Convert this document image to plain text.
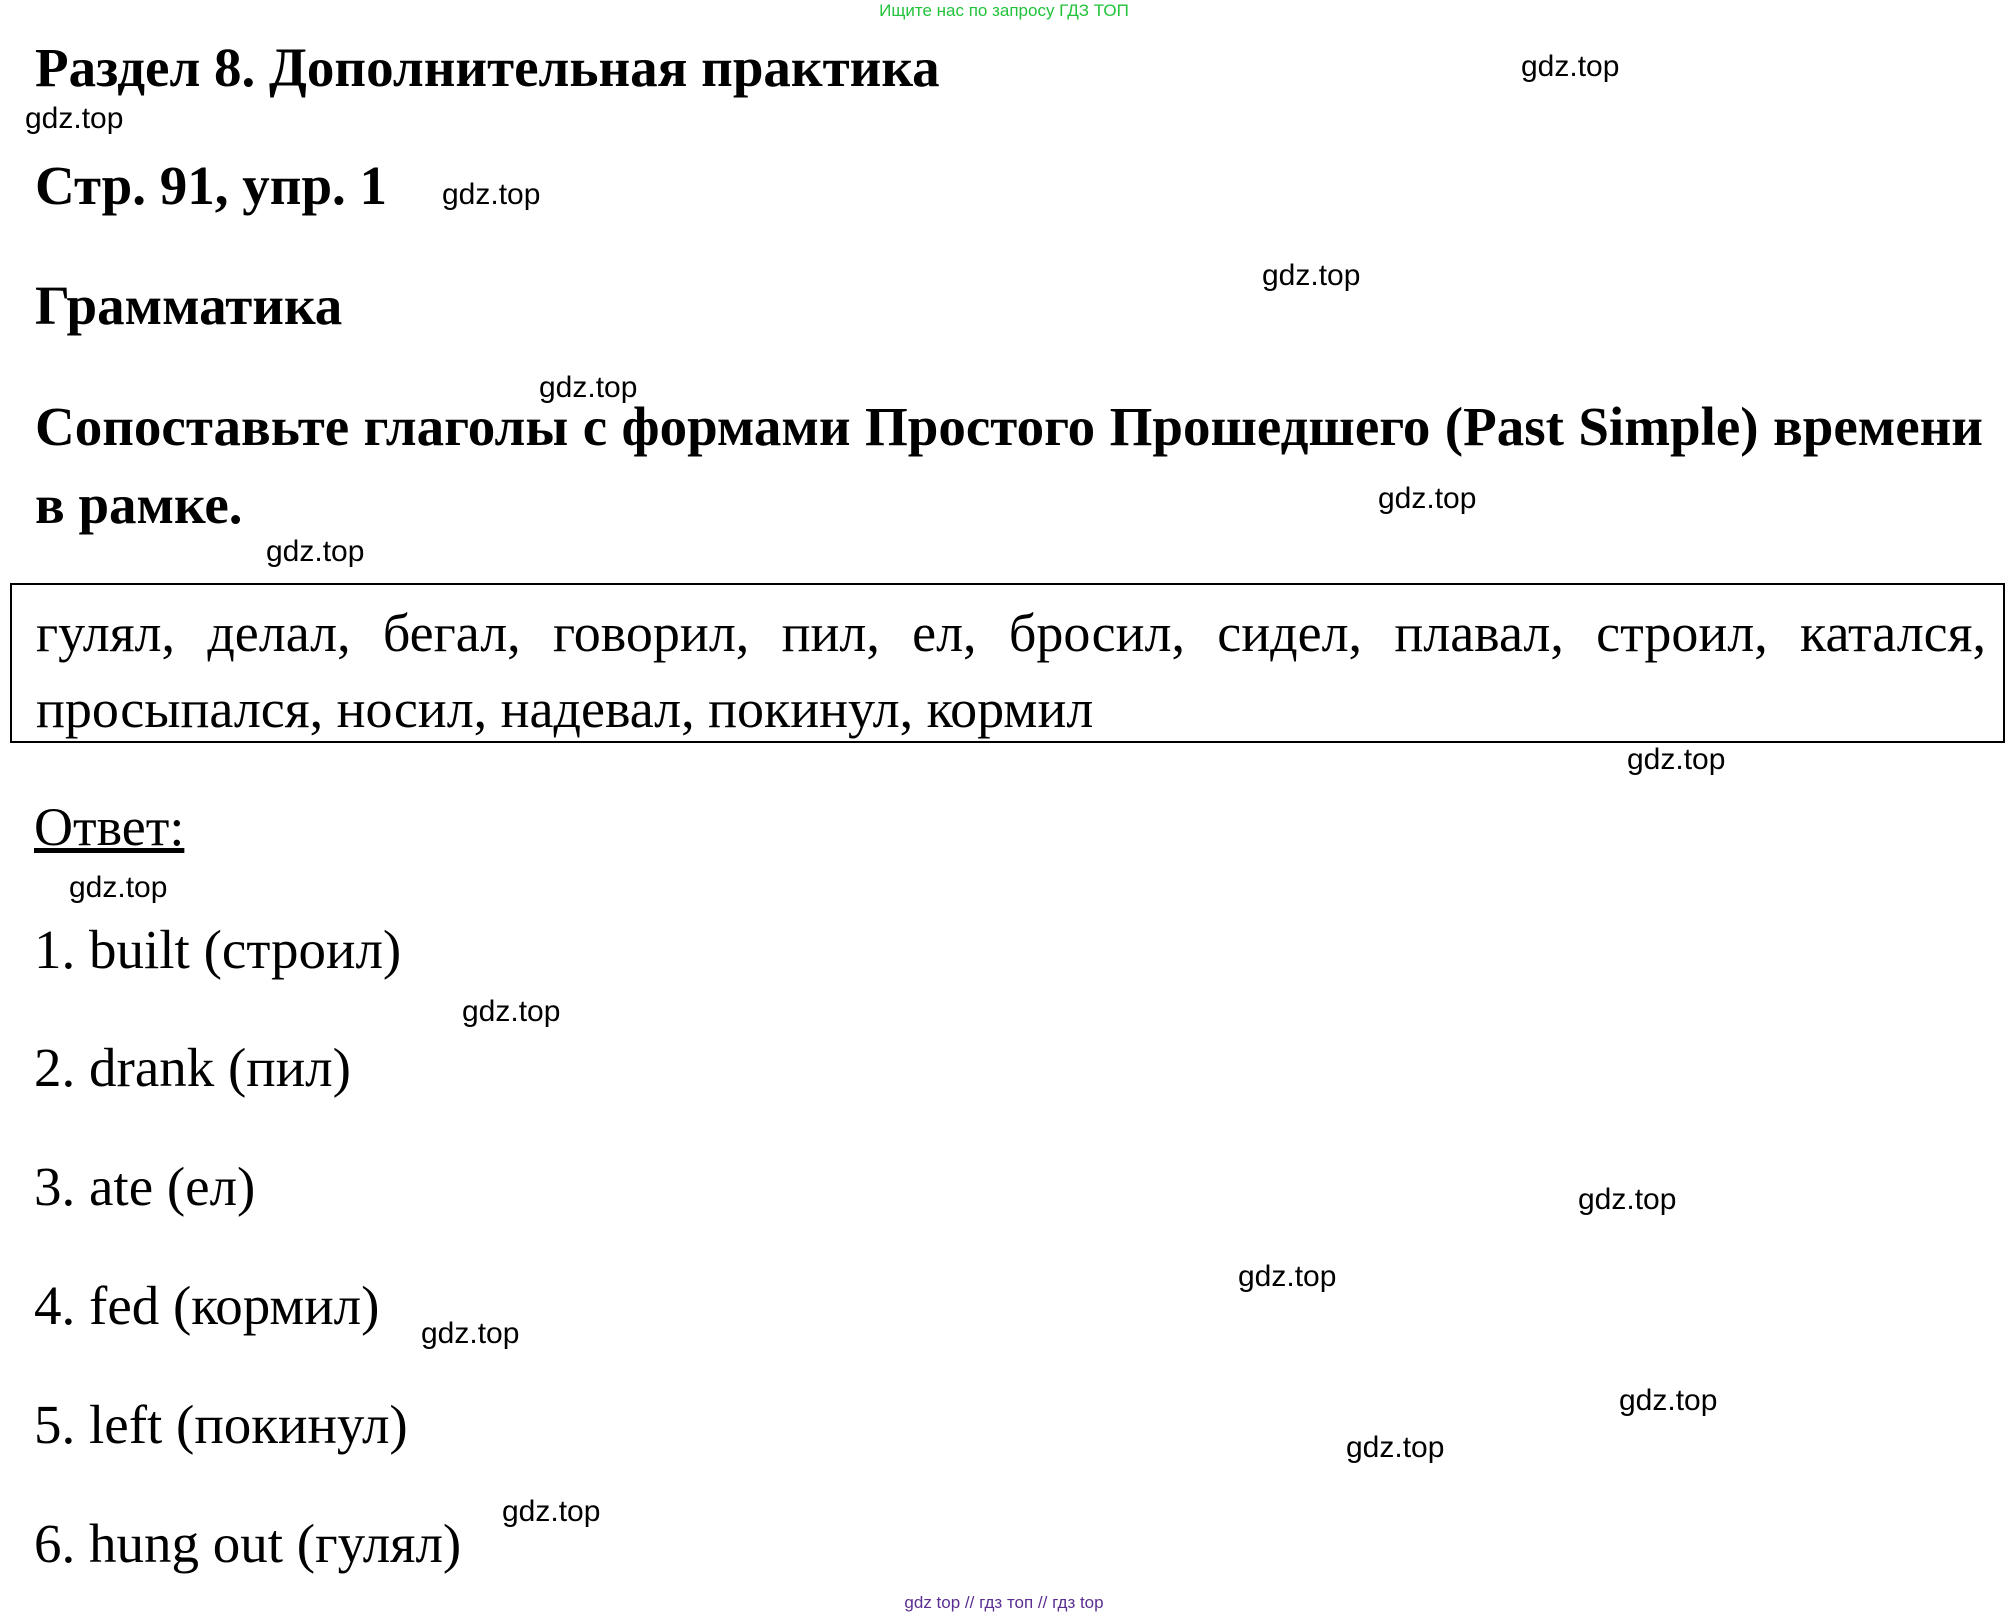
Ищите нас по запросу ГДЗ ТОП
Раздел 8. Дополнительная практика
Стр. 91, упр. 1
Грамматика
Сопоставьте глаголы с формами Простого Прошедшего (Past Simple) времени в рамке.
гулял, делал, бегал, говорил, пил, ел, бросил, сидел, плавал, строил, катался, просыпался, носил, надевал, покинул, кормил
Ответ:
1. built (строил)
2. drank (пил)
3. ate (ел)
4. fed (кормил)
5. left (покинул)
6. hung out (гулял)
gdz.top
gdz.top
gdz.top
gdz.top
gdz.top
gdz.top
gdz.top
gdz.top
gdz.top
gdz.top
gdz.top
gdz.top
gdz.top
gdz.top
gdz.top
gdz.top
gdz top // гдз топ // гдз top
